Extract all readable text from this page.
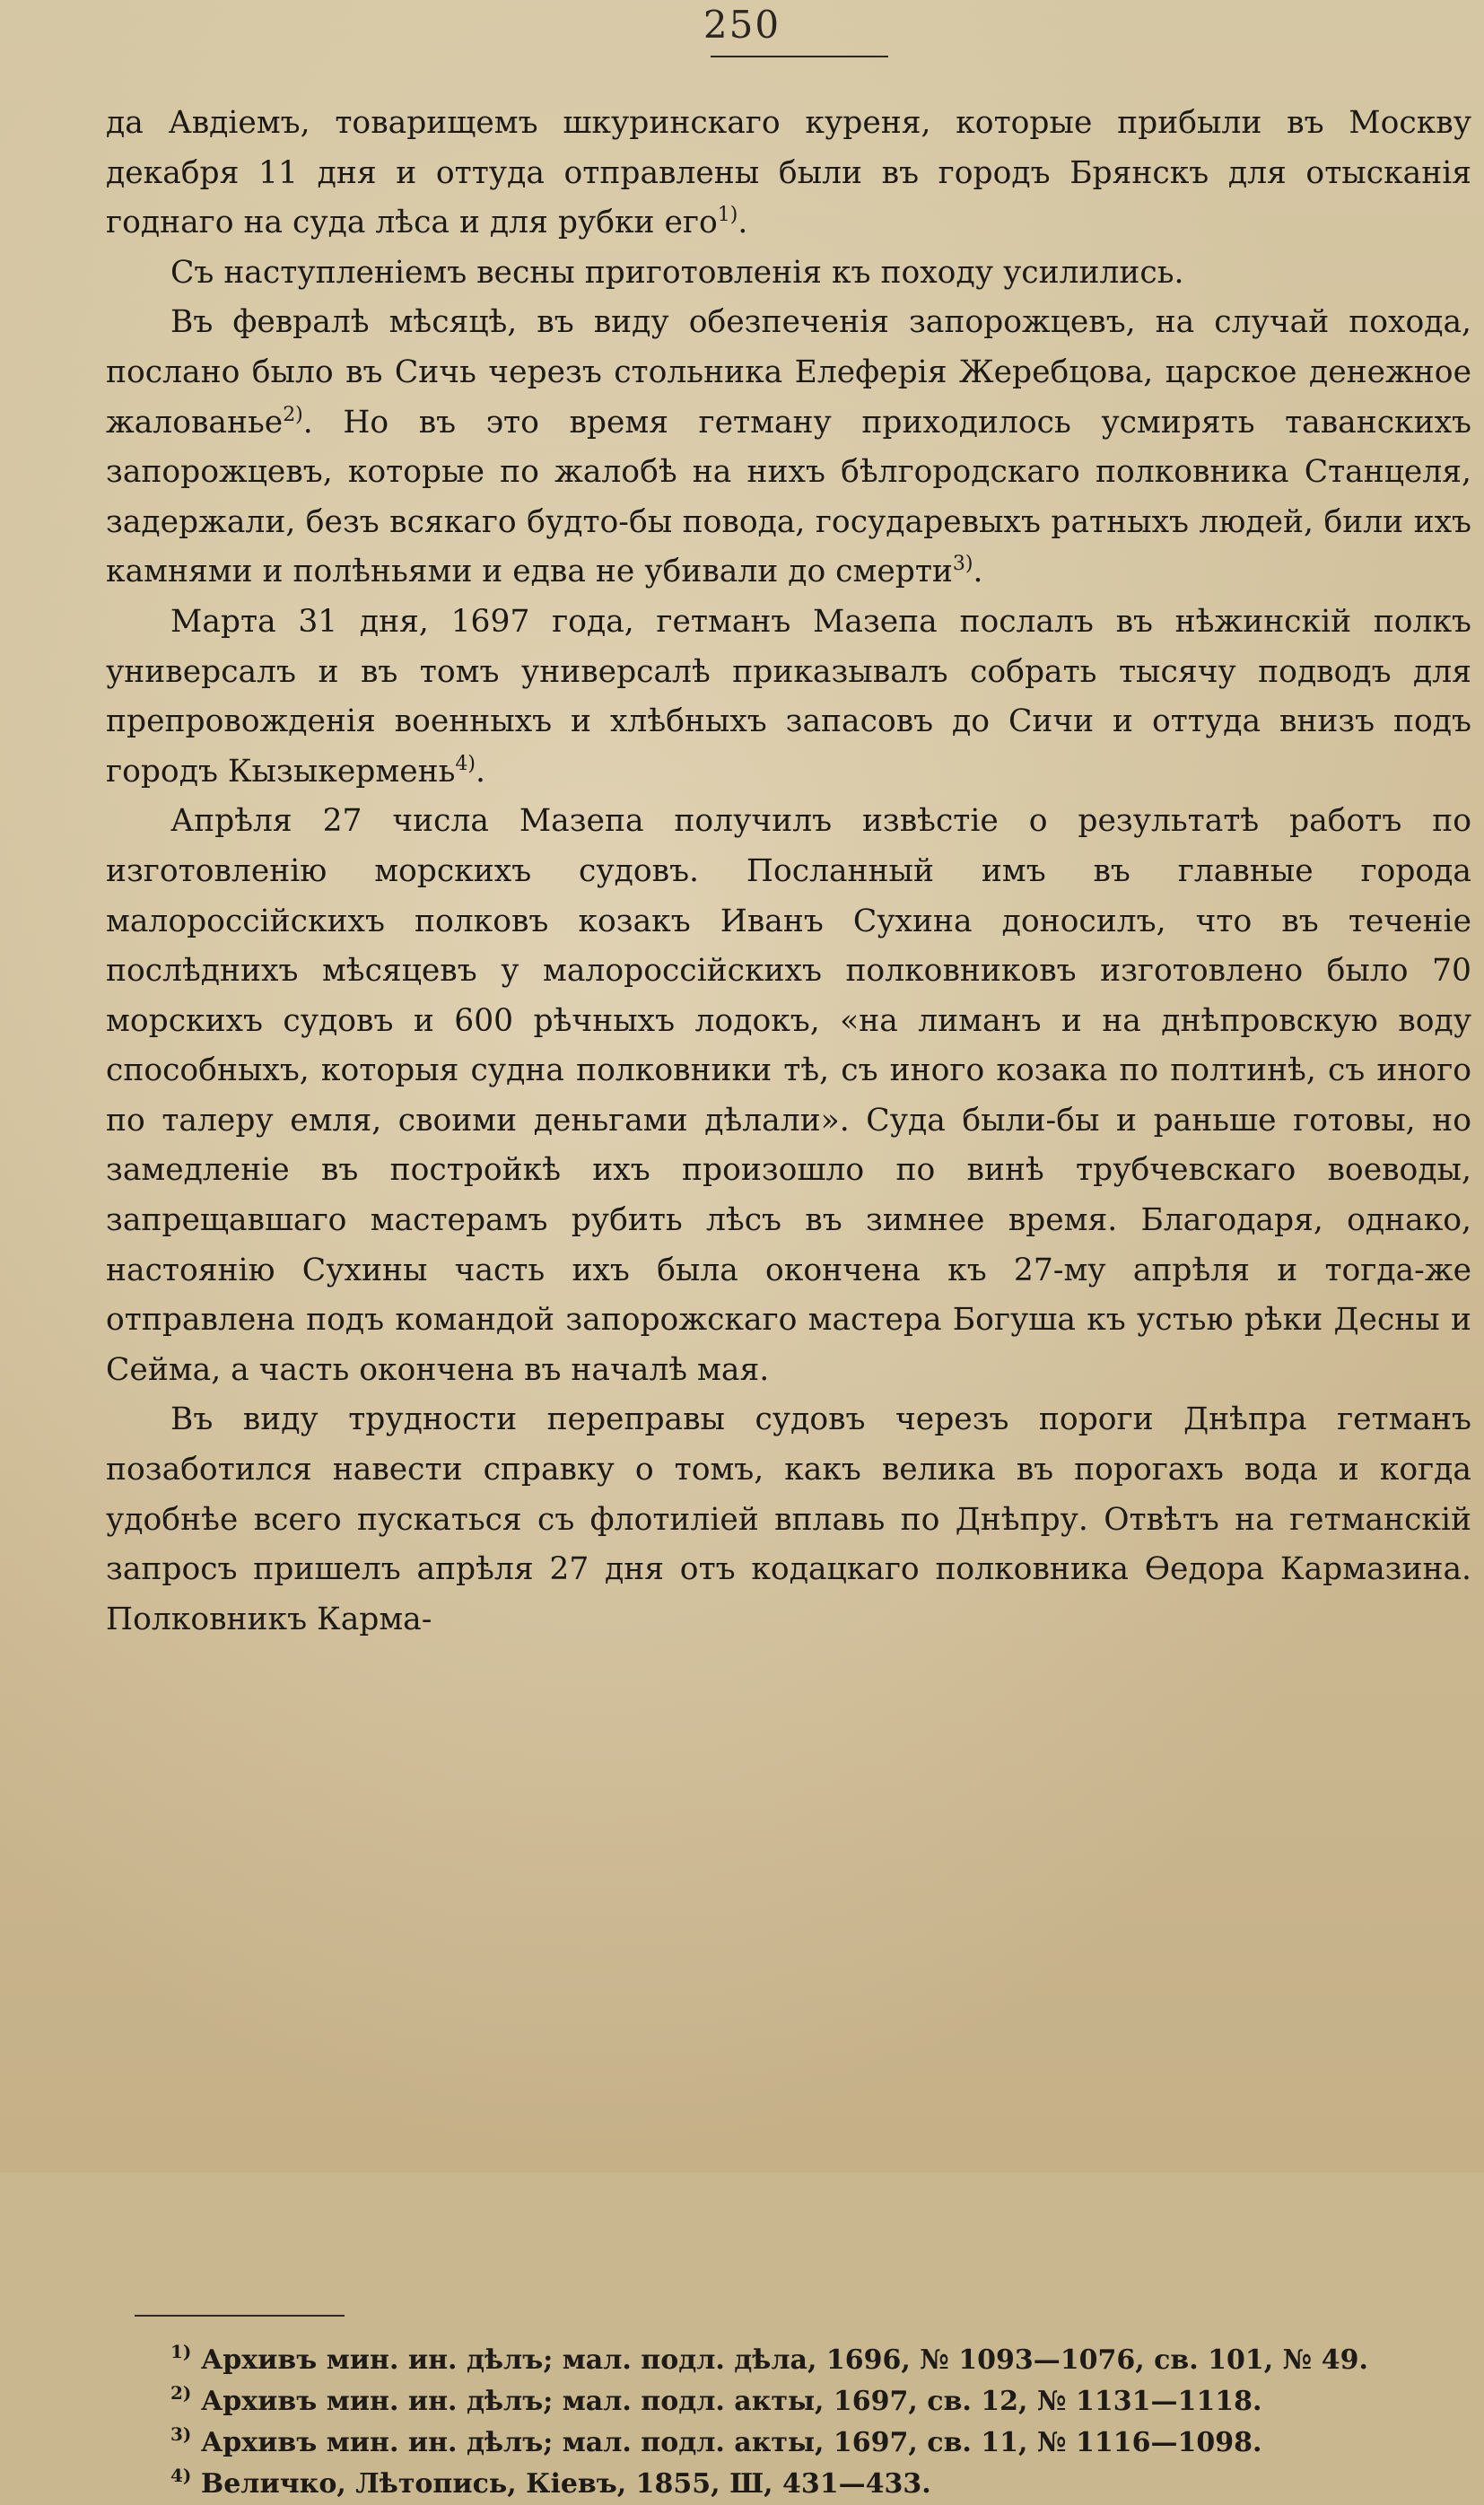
250

да Авдіемъ, товарищемъ шкуринскаго куреня, которые прибыли въ Москву декабря 11 дня и оттуда отправлены были въ городъ Брянскъ для отысканія годнаго на суда лѣса и для рубки его$^{1)}$.

Съ наступленіемъ весны приготовленія къ походу усилились.

Въ февралѣ мѣсяцѣ, въ виду обезпеченія запорожцевъ, на случай похода, послано было въ Сичь черезъ стольника Елеферія Жеребцова, царское денежное жалованье$^{2)}$. Но въ это время гетману приходилось усмирять таванскихъ запорожцевъ, которые по жалобѣ на нихъ бѣлгородскаго полковника Станцеля, задержали, безъ всякаго будто-бы повода, государевыхъ ратныхъ людей, били ихъ камнями и полѣньями и едва не убивали до смерти$^{3)}$.

Марта 31 дня, 1697 года, гетманъ Мазепа послалъ въ нѣжинскій полкъ универсалъ и въ томъ универсалѣ приказывалъ собрать тысячу подводъ для препровожденія военныхъ и хлѣбныхъ запасовъ до Сичи и оттуда внизъ подъ городъ Кызыкермень$^{4)}$.

Апрѣля 27 числа Мазепа получилъ извѣстіе о результатѣ работъ по изготовленію морскихъ судовъ. Посланный имъ въ главные города малороссійскихъ полковъ козакъ Иванъ Сухина доносилъ, что въ теченіе послѣднихъ мѣсяцевъ у малороссійскихъ полковниковъ изготовлено было 70 морскихъ судовъ и 600 рѣчныхъ лодокъ, «на лиманъ и на днѣпровскую воду способныхъ, которыя судна полковники тѣ, съ иного козака по полтинѣ, съ иного по талеру емля, своими деньгами дѣлали». Суда были-бы и раньше готовы, но замедленіе въ постройкѣ ихъ произошло по винѣ трубчевскаго воеводы, запрещавшаго мастерамъ рубить лѣсъ въ зимнее время. Благодаря, однако, настоянію Сухины часть ихъ была окончена къ 27-му апрѣля и тогда-же отправлена подъ командой запорожскаго мастера Богуша къ устью рѣки Десны и Сейма, а часть окончена въ началѣ мая.

Въ виду трудности переправы судовъ черезъ пороги Днѣпра гетманъ позаботился навести справку о томъ, какъ велика въ порогахъ вода и когда удобнѣе всего пускаться съ флотиліей вплавь по Днѣпру. Отвѣтъ на гетманскій запросъ пришелъ апрѣля 27 дня отъ кодацкаго полковника Ѳедора Кармазина. Полковникъ Карма-

$^{1)}$ Архивъ мин. ин. дѣлъ; мал. подл. дѣла, 1696, № 1093—1076, св. 101, № 49.
$^{2)}$ Архивъ мин. ин. дѣлъ; мал. подл. акты, 1697, св. 12, № 1131—1118.
$^{3)}$ Архивъ мин. ин. дѣлъ; мал. подл. акты, 1697, св. 11, № 1116—1098.
$^{4)}$ Величко, Лѣтопись, Кіевъ, 1855, Ш, 431—433.
